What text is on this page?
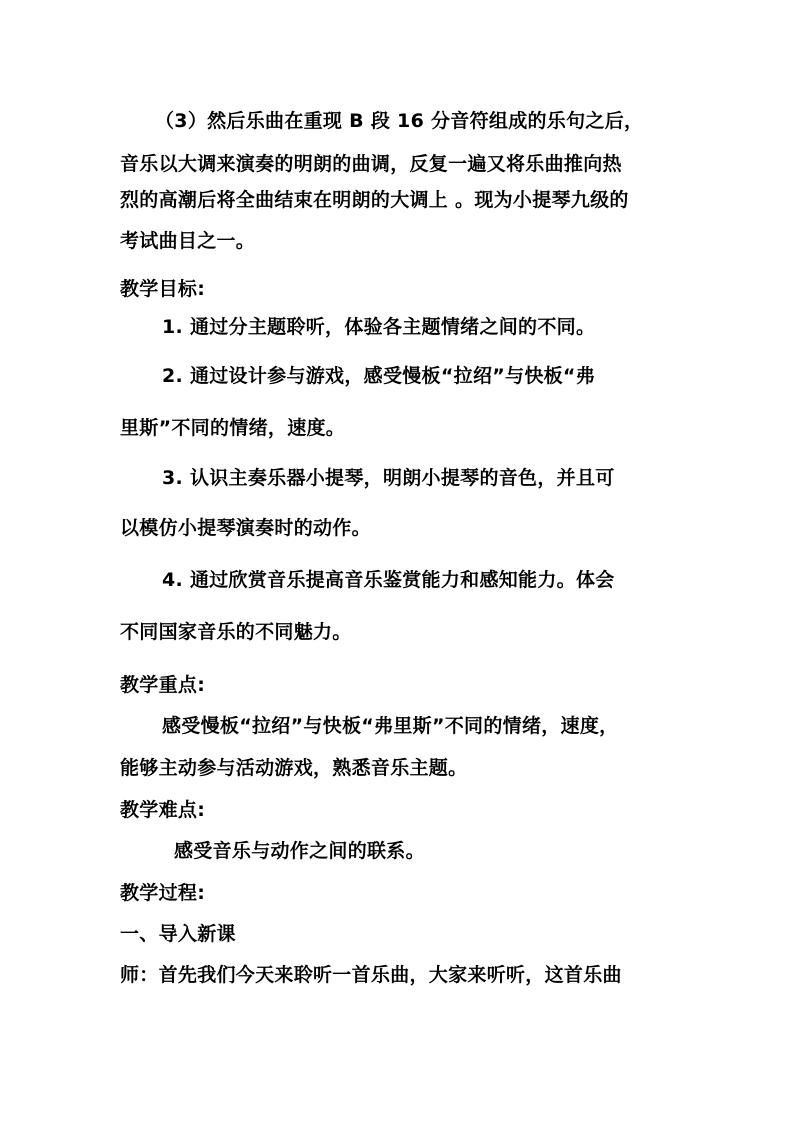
（3）然后乐曲在重现 B 段 16 分音符组成的乐句之后，
音乐以大调来演奏的明朗的曲调，反复一遍又将乐曲推向热
烈的高潮后将全曲结束在明朗的大调上 。现为小提琴九级的
考试曲目之一。
教学目标:
1. 通过分主题聆听，体验各主题情绪之间的不同。
2. 通过设计参与游戏，感受慢板“拉绍”与快板“弗
里斯”不同的情绪，速度。
3. 认识主奏乐器小提琴，明朗小提琴的音色，并且可
以模仿小提琴演奏时的动作。
4. 通过欣赏音乐提高音乐鉴赏能力和感知能力。体会
不同国家音乐的不同魅力。
教学重点:
感受慢板“拉绍”与快板“弗里斯”不同的情绪，速度，
能够主动参与活动游戏，熟悉音乐主题。
教学难点:
感受音乐与动作之间的联系。
教学过程:
一、导入新课
师：首先我们今天来聆听一首乐曲，大家来听听，这首乐曲
